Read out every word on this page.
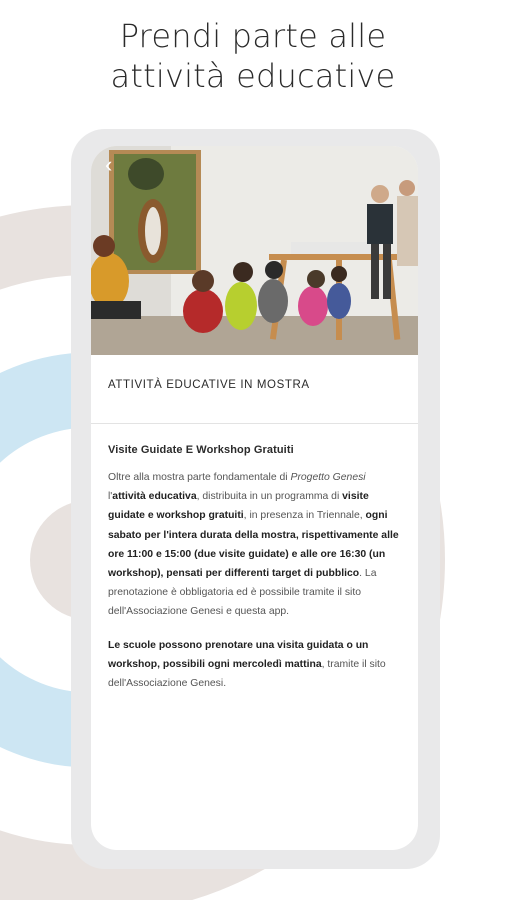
Prendi parte alle
attività educative
‹
ATTIVITÀ EDUCATIVE IN MOSTRA
Visite Guidate E Workshop Gratuiti

Oltre alla mostra parte fondamentale di Progetto Genesi l'attività educativa, distribuita in un programma di visite guidate e workshop gratuiti, in presenza in Triennale, ogni sabato per l'intera durata della mostra, rispettivamente alle ore 11:00 e 15:00 (due visite guidate) e alle ore 16:30 (un workshop), pensati per differenti target di pubblico. La prenotazione è obbligatoria ed è possibile tramite il sito dell'Associazione Genesi e questa app.

Le scuole possono prenotare una visita guidata o un workshop, possibili ogni mercoledì mattina, tramite il sito dell'Associazione Genesi.
